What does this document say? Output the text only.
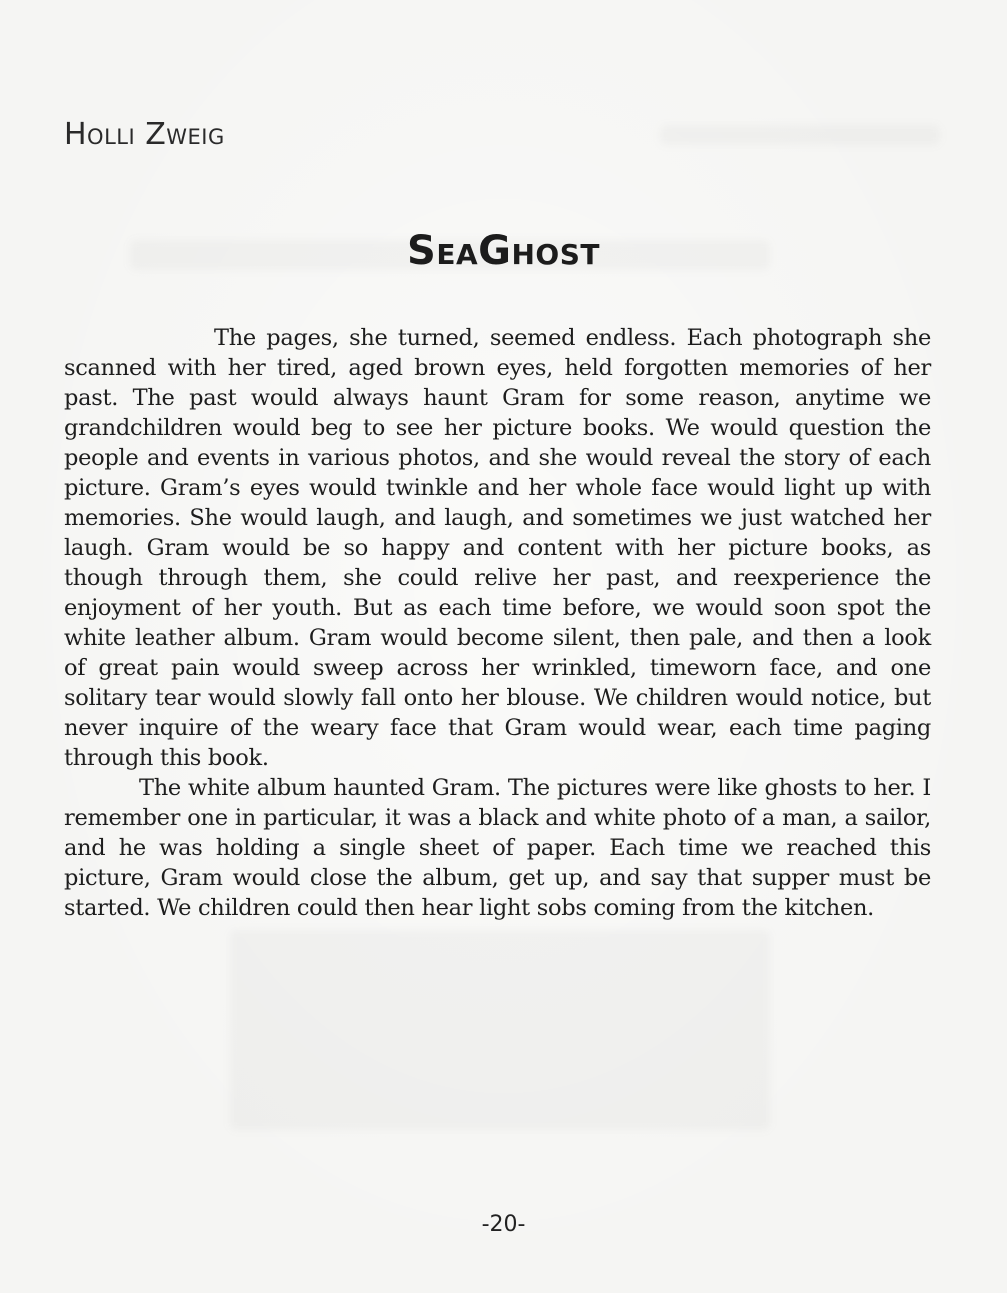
Holli Zweig
SeaGhost

The pages, she turned, seemed endless. Each photograph she scanned with her tired, aged brown eyes, held forgotten memories of her past. The past would always haunt Gram for some reason, anytime we grandchildren would beg to see her picture books. We would question the people and events in various photos, and she would reveal the story of each picture. Gram’s eyes would twinkle and her whole face would light up with memories. She would laugh, and laugh, and sometimes we just watched her laugh. Gram would be so happy and content with her picture books, as though through them, she could relive her past, and reexperience the enjoyment of her youth. But as each time before, we would soon spot the white leather album. Gram would become silent, then pale, and then a look of great pain would sweep across her wrinkled, timeworn face, and one solitary tear would slowly fall onto her blouse. We children would notice, but never inquire of the weary face that Gram would wear, each time paging through this book.

The white album haunted Gram. The pictures were like ghosts to her. I remember one in particular, it was a black and white photo of a man, a sailor, and he was holding a single sheet of paper. Each time we reached this picture, Gram would close the album, get up, and say that supper must be started. We children could then hear light sobs coming from the kitchen.

-20-
